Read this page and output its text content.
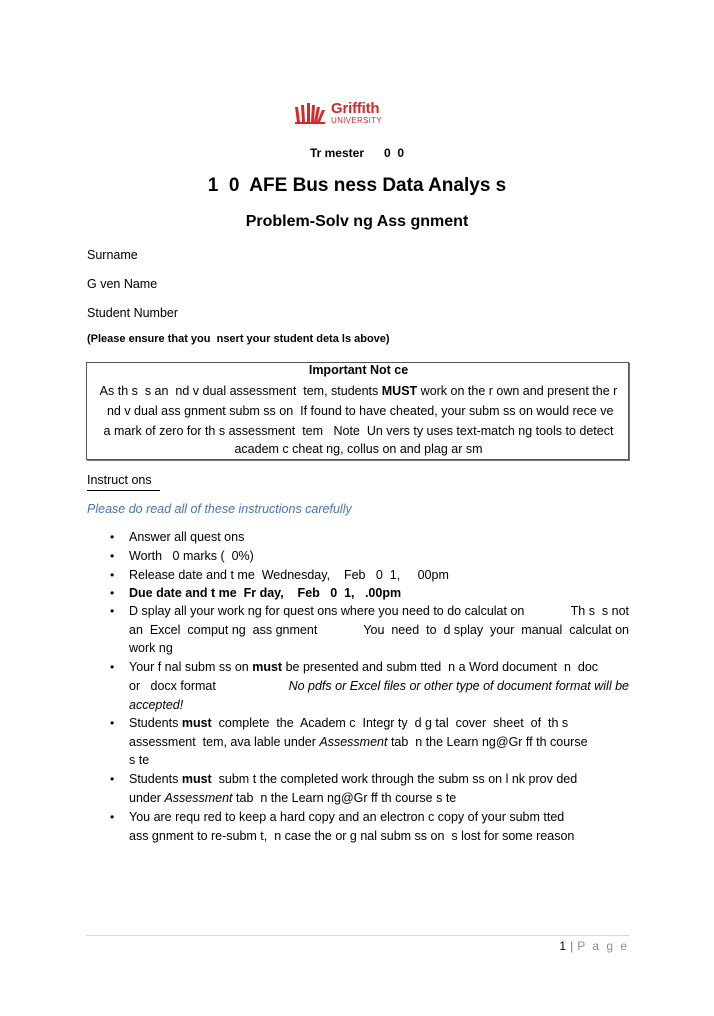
Griffith
UNIVERSITY
Tr mester      0  0
1  0  AFE Bus ness Data Analys s
Problem-Solv ng Ass gnment
Surname
G ven Name
Student Number
(Please ensure that you  nsert your student deta ls above)
Important Not ce
As th s  s an  nd v dual assessment  tem, students MUST work on the r own and present the r
nd v dual ass gnment subm ss on  If found to have cheated, your subm ss on would rece ve
a mark of zero for th s assessment  tem   Note  Un vers ty uses text-match ng tools to detect
academ c cheat ng, collus on and plag ar sm
Instruct ons
Please do read all of these instructions carefully
• Answer all quest ons
• Worth   0 marks (  0%)
• Release date and t me  Wednesday,    Feb   0  1,     00pm
• Due date and t me  Fr day,    Feb   0  1,   .00pm
• D splay all your work ng for quest ons where you need to do calculat on	Th s  s not
an  Excel  comput ng  ass gnment	You  need  to  d splay  your  manual  calculat on
work ng
• Your f nal subm ss on must be presented and subm tted  n a Word document  n  doc
or   docx format	No pdfs or Excel files or other type of document format will be
accepted!
• Students must  complete  the  Academ c  Integr ty  d g tal  cover  sheet  of  th s
assessment  tem, ava lable under Assessment tab  n the Learn ng@Gr ff th course
s te
• Students must  subm t the completed work through the subm ss on l nk prov ded
under Assessment tab  n the Learn ng@Gr ff th course s te
• You are requ red to keep a hard copy and an electron c copy of your subm tted
ass gnment to re-subm t,  n case the or g nal subm ss on  s lost for some reason
1 | P a g e
